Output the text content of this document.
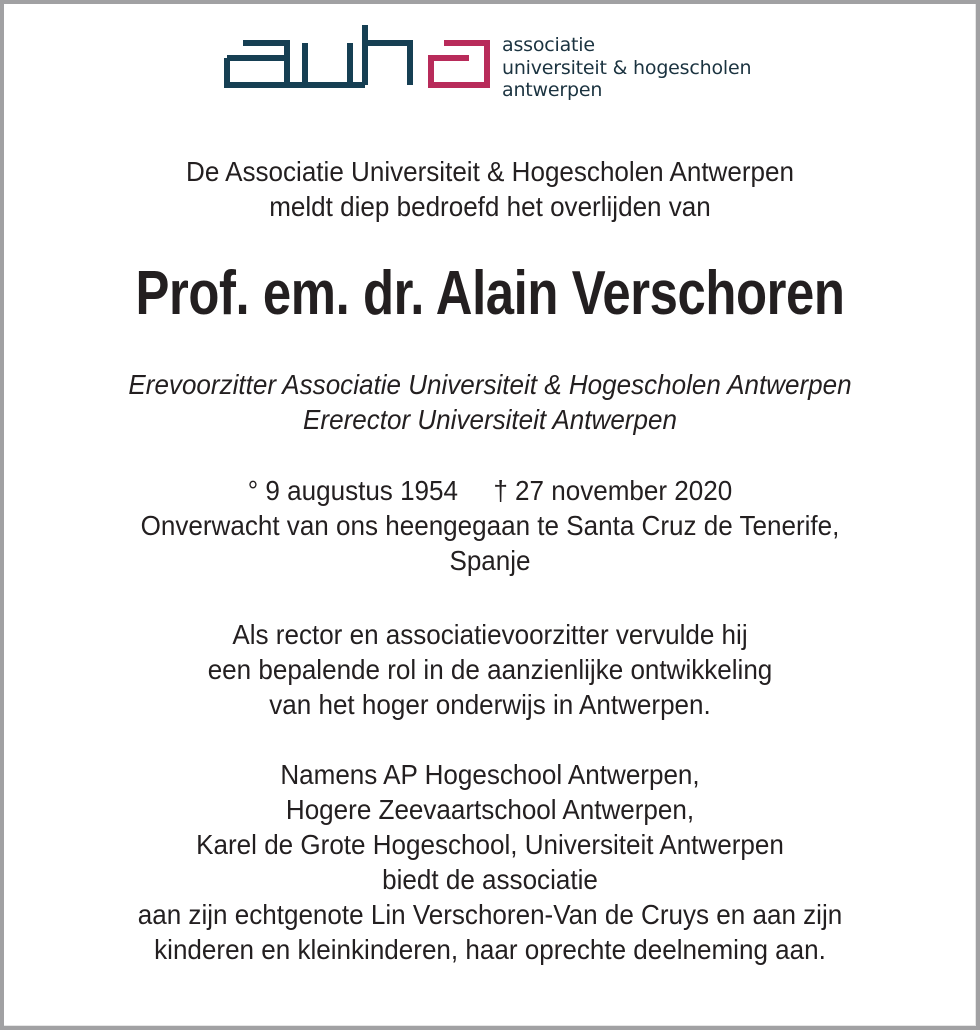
associatie
universiteit & hogescholen
antwerpen
De Associatie Universiteit & Hogescholen Antwerpen
meldt diep bedroefd het overlijden van
Prof. em. dr. Alain Verschoren
Erevoorzitter Associatie Universiteit & Hogescholen Antwerpen
Ererector Universiteit Antwerpen
° 9 augustus 1954 † 27 november 2020
Onverwacht van ons heengegaan te Santa Cruz de Tenerife,
Spanje
Als rector en associatievoorzitter vervulde hij
een bepalende rol in de aanzienlijke ontwikkeling
van het hoger onderwijs in Antwerpen.
Namens AP Hogeschool Antwerpen,
Hogere Zeevaartschool Antwerpen,
Karel de Grote Hogeschool, Universiteit Antwerpen
biedt de associatie
aan zijn echtgenote Lin Verschoren-Van de Cruys en aan zijn
kinderen en kleinkinderen, haar oprechte deelneming aan.
